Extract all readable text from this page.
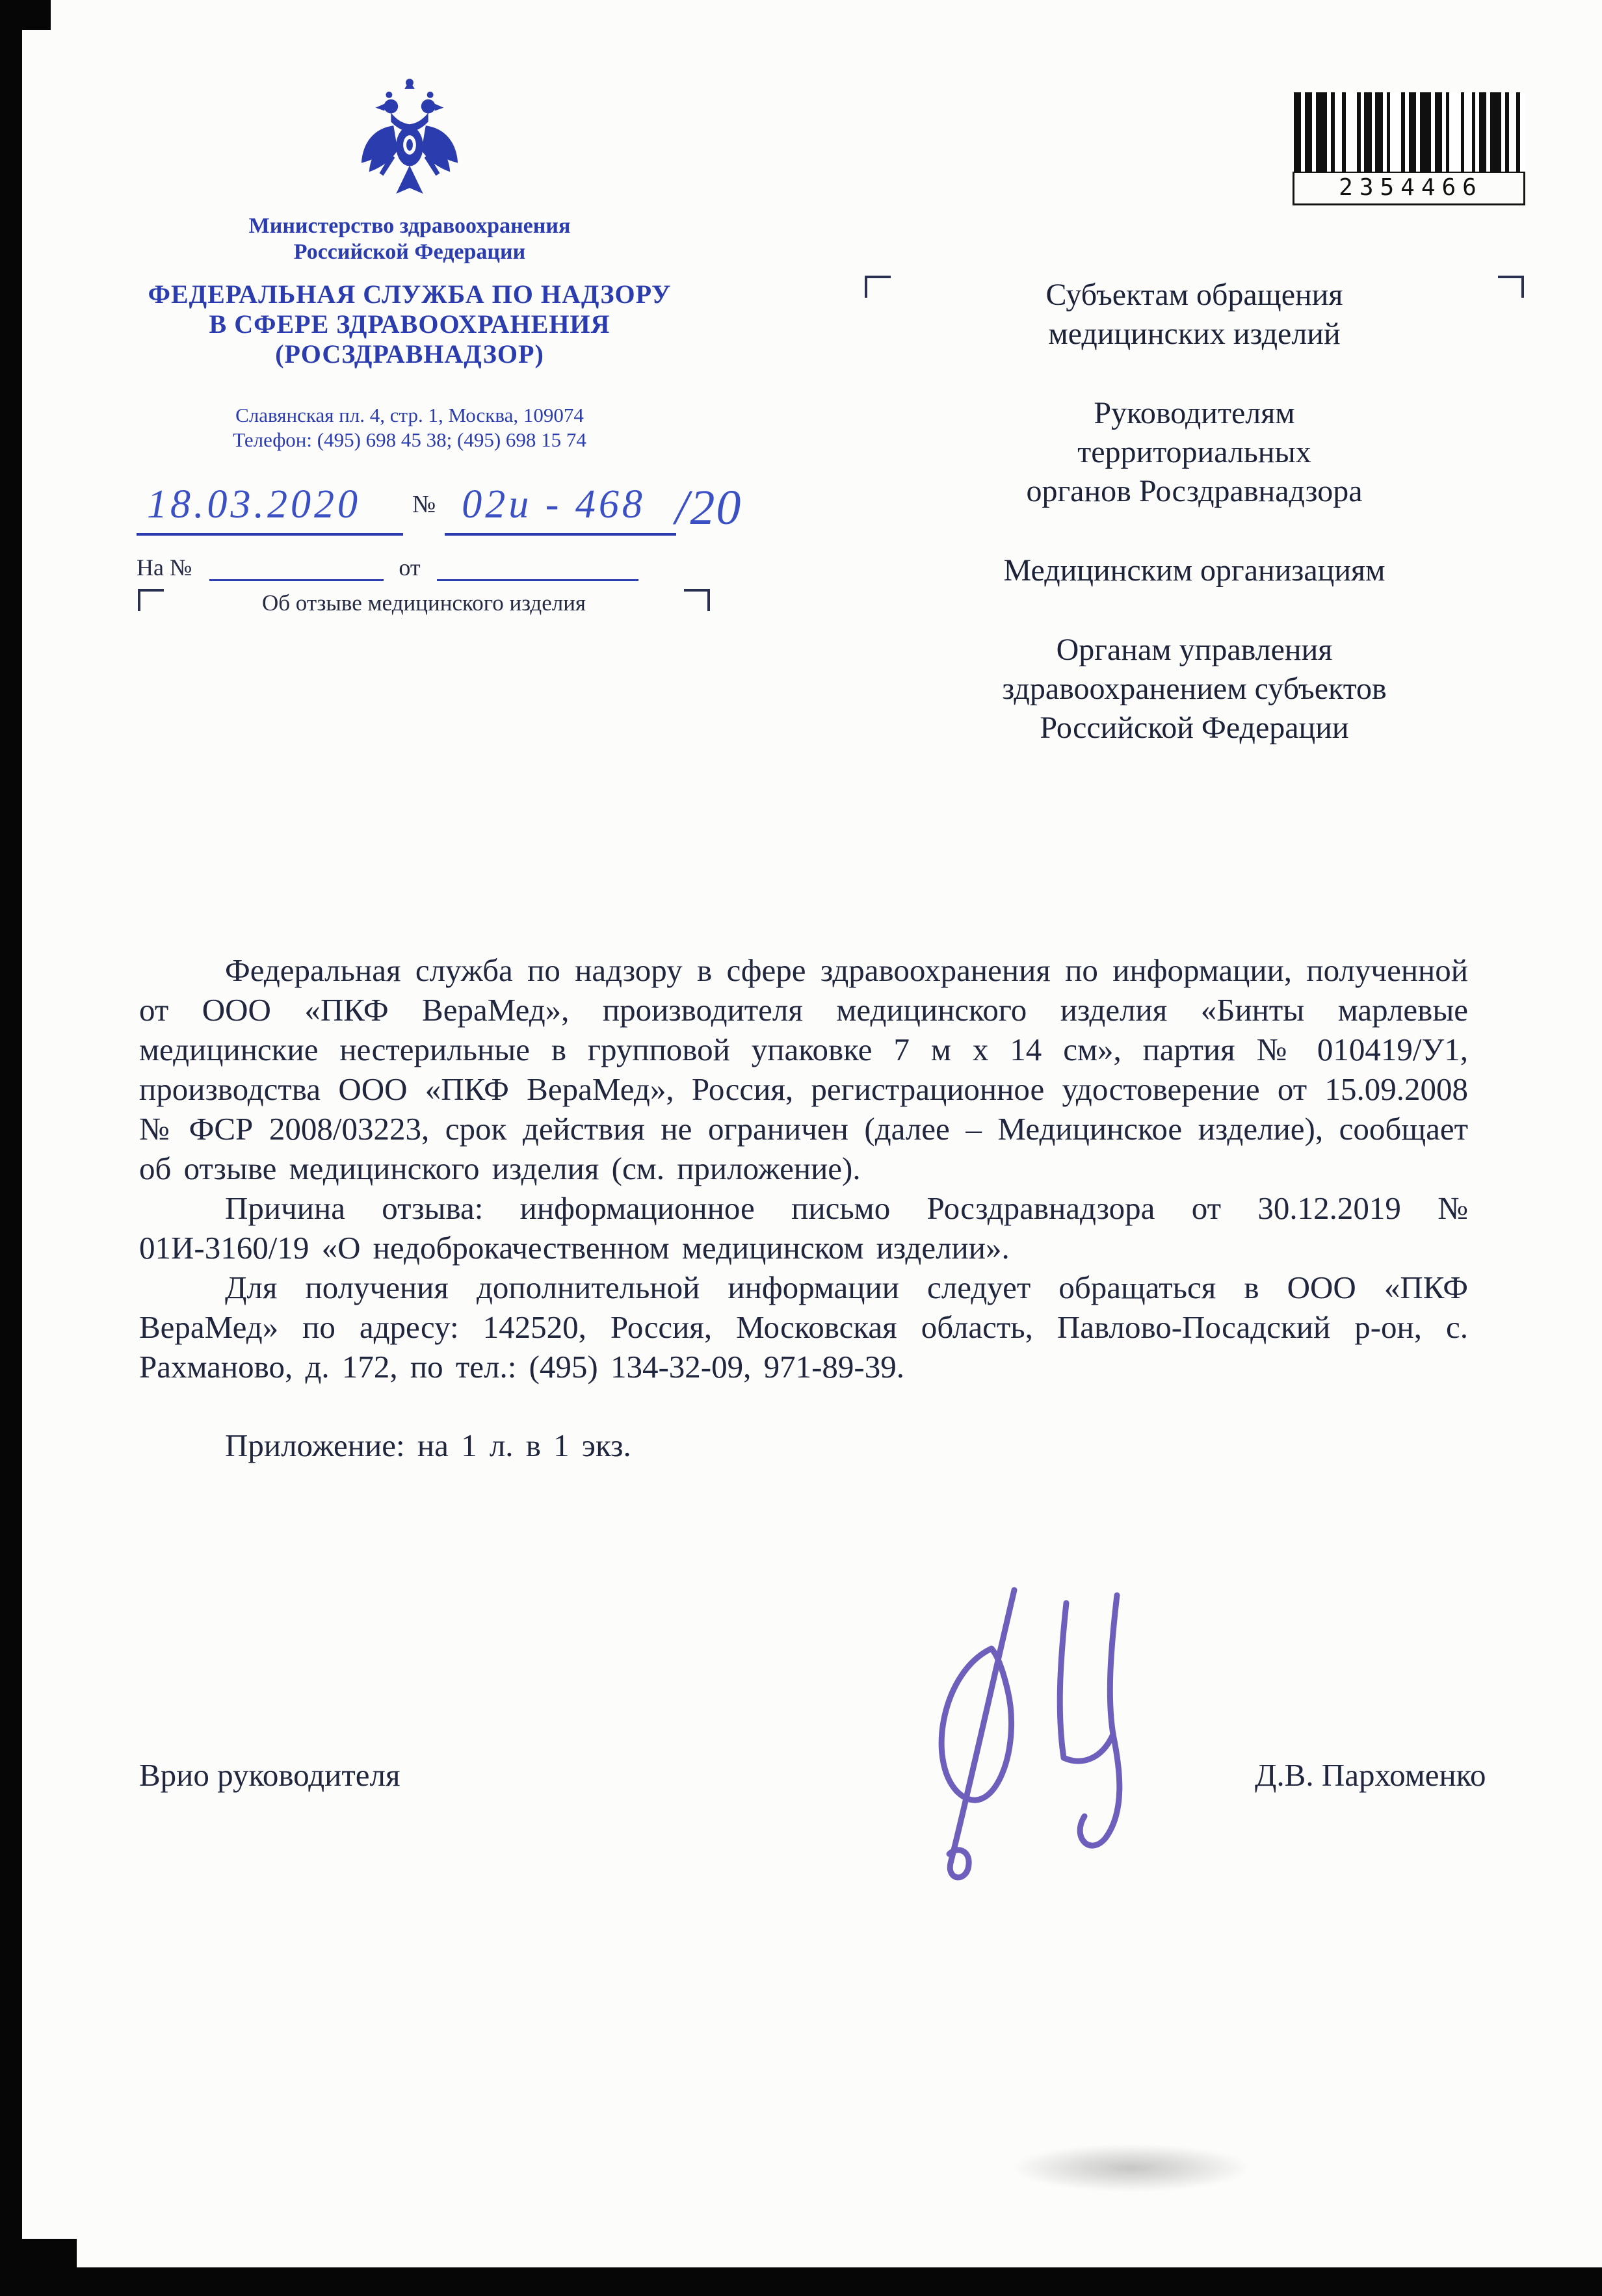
2354466
Министерство здравоохранения
Российской Федерации
ФЕДЕРАЛЬНАЯ СЛУЖБА ПО НАДЗОРУ
В СФЕРЕ ЗДРАВООХРАНЕНИЯ
(РОСЗДРАВНАДЗОР)
Славянская пл. 4, стр. 1, Москва, 109074
Телефон: (495) 698 45 38; (495) 698 15 74
18.03.2020 № 02и - 468 /20
На №	от
Об отзыве медицинского изделия
Субъектам обращения
медицинских изделий
Руководителям
территориальных
органов Росздравнадзора
Медицинским организациям
Органам управления
здравоохранением субъектов
Российской Федерации

Федеральная служба по надзору в сфере здравоохранения по информации, полученной от ООО «ПКФ ВераМед», производителя медицинского изделия «Бинты марлевые медицинские нестерильные в групповой упаковке 7 м х 14 см», партия № 010419/У1, производства ООО «ПКФ ВераМед», Россия, регистрационное удостоверение от 15.09.2008 № ФСР 2008/03223, срок действия не ограничен (далее – Медицинское изделие), сообщает об отзыве медицинского изделия (см. приложение).

Причина отзыва: информационное письмо Росздравнадзора от 30.12.2019 № 01И-3160/19 «О недоброкачественном медицинском изделии».

Для получения дополнительной информации следует обращаться в ООО «ПКФ ВераМед» по адресу: 142520, Россия, Московская область, Павлово-Посадский р-он, с. Рахманово, д. 172, по тел.: (495) 134-32-09, 971-89-39.

Приложение: на 1 л. в 1 экз.

Врио руководителя	Д.В. Пархоменко
